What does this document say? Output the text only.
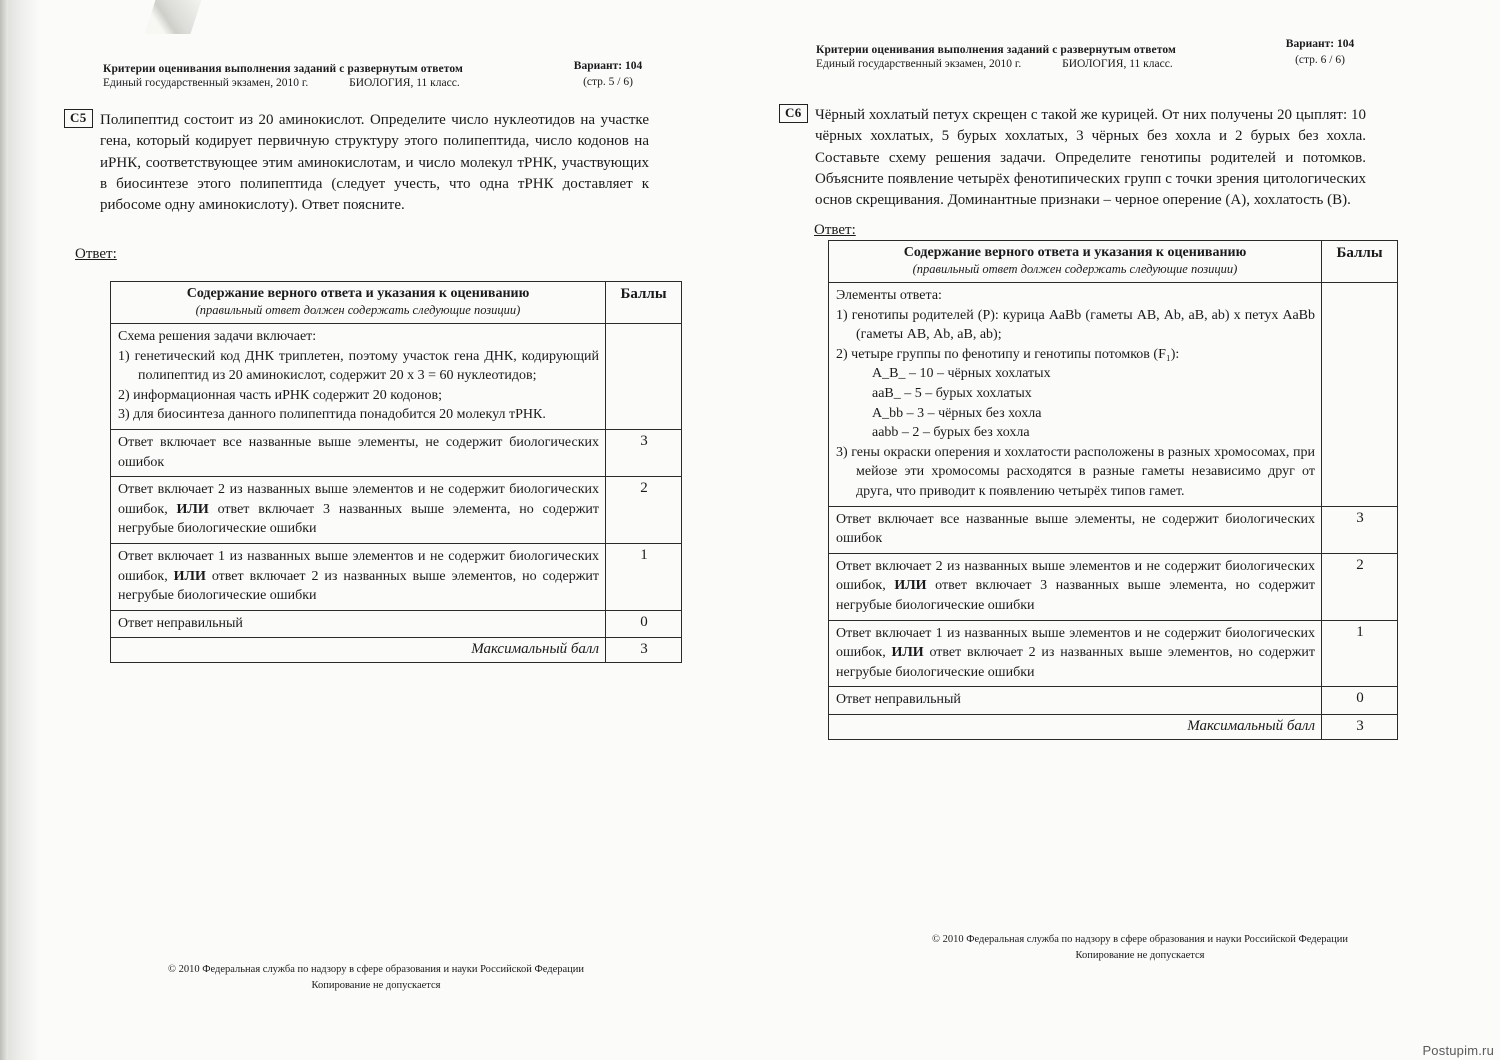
Критерии оценивания выполнения заданий с развернутым ответом
Единый государственный экзамен, 2010 г.	БИОЛОГИЯ, 11 класс.
Вариант: 104
(стр. 5 / 6)
С5 Полипептид состоит из 20 аминокислот. Определите число нуклеотидов на участке гена, который кодирует первичную структуру этого полипептида, число кодонов на иРНК, соответствующее этим аминокислотам, и число молекул тРНК, участвующих в биосинтезе этого полипептида (следует учесть, что одна тРНК доставляет к рибосоме одну аминокислоту). Ответ поясните.
Ответ:
Содержание верного ответа и указания к оцениванию
(правильный ответ должен содержать следующие позиции)	Баллы

Схема решения задачи включает:
1) генетический код ДНК триплетен, поэтому участок гена ДНК, кодирующий полипептид из 20 аминокислот, содержит 20 х 3 = 60 нуклеотидов;
2) информационная часть иРНК содержит 20 кодонов;
3) для биосинтеза данного полипептида понадобится 20 молекул тРНК.	

Ответ включает все названные выше элементы, не содержит биологических ошибок	3
Ответ включает 2 из названных выше элементов и не содержит биологических ошибок, ИЛИ ответ включает 3 названных выше элемента, но содержит негрубые биологические ошибки	2
Ответ включает 1 из названных выше элементов и не содержит биологических ошибок, ИЛИ ответ включает 2 из названных выше элементов, но содержит негрубые биологические ошибки	1
Ответ неправильный	0
Максимальный балл	3
© 2010 Федеральная служба по надзору в сфере образования и науки Российской Федерации
Копирование не допускается
Критерии оценивания выполнения заданий с развернутым ответом
Единый государственный экзамен, 2010 г.	БИОЛОГИЯ, 11 класс.
Вариант: 104
(стр. 6 / 6)
С6 Чёрный хохлатый петух скрещен с такой же курицей. От них получены 20 цыплят: 10 чёрных хохлатых, 5 бурых хохлатых, 3 чёрных без хохла и 2 бурых без хохла. Составьте схему решения задачи. Определите генотипы родителей и потомков. Объясните появление четырёх фенотипических групп с точки зрения цитологических основ скрещивания. Доминантные признаки – черное оперение (А), хохлатость (В).
Ответ:
Содержание верного ответа и указания к оцениванию
(правильный ответ должен содержать следующие позиции)	Баллы

Элементы ответа:
1) генотипы родителей (Р): курица АаВb (гаметы АВ, Аb, аВ, ab) х петух АаВb (гаметы АВ, Аb, аВ, ab);
2) четыре группы по фенотипу и генотипы потомков (F₁):
А_В_ – 10 – чёрных хохлатых
ааВ_ – 5 – бурых хохлатых
А_bb – 3 – чёрных без хохла
ааbb – 2 – бурых без хохла
3) гены окраски оперения и хохлатости расположены в разных хромосомах, при мейозе эти хромосомы расходятся в разные гаметы независимо друг от друга, что приводит к появлению четырёх типов гамет.

Ответ включает все названные выше элементы, не содержит биологических ошибок	3
Ответ включает 2 из названных выше элементов и не содержит биологических ошибок, ИЛИ ответ включает 3 названных выше элемента, но содержит негрубые биологические ошибки	2
Ответ включает 1 из названных выше элементов и не содержит биологических ошибок, ИЛИ ответ включает 2 из названных выше элементов, но содержит негрубые биологические ошибки	1
Ответ неправильный	0
Максимальный балл	3
© 2010 Федеральная служба по надзору в сфере образования и науки Российской Федерации
Копирование не допускается
Postupim.ru
